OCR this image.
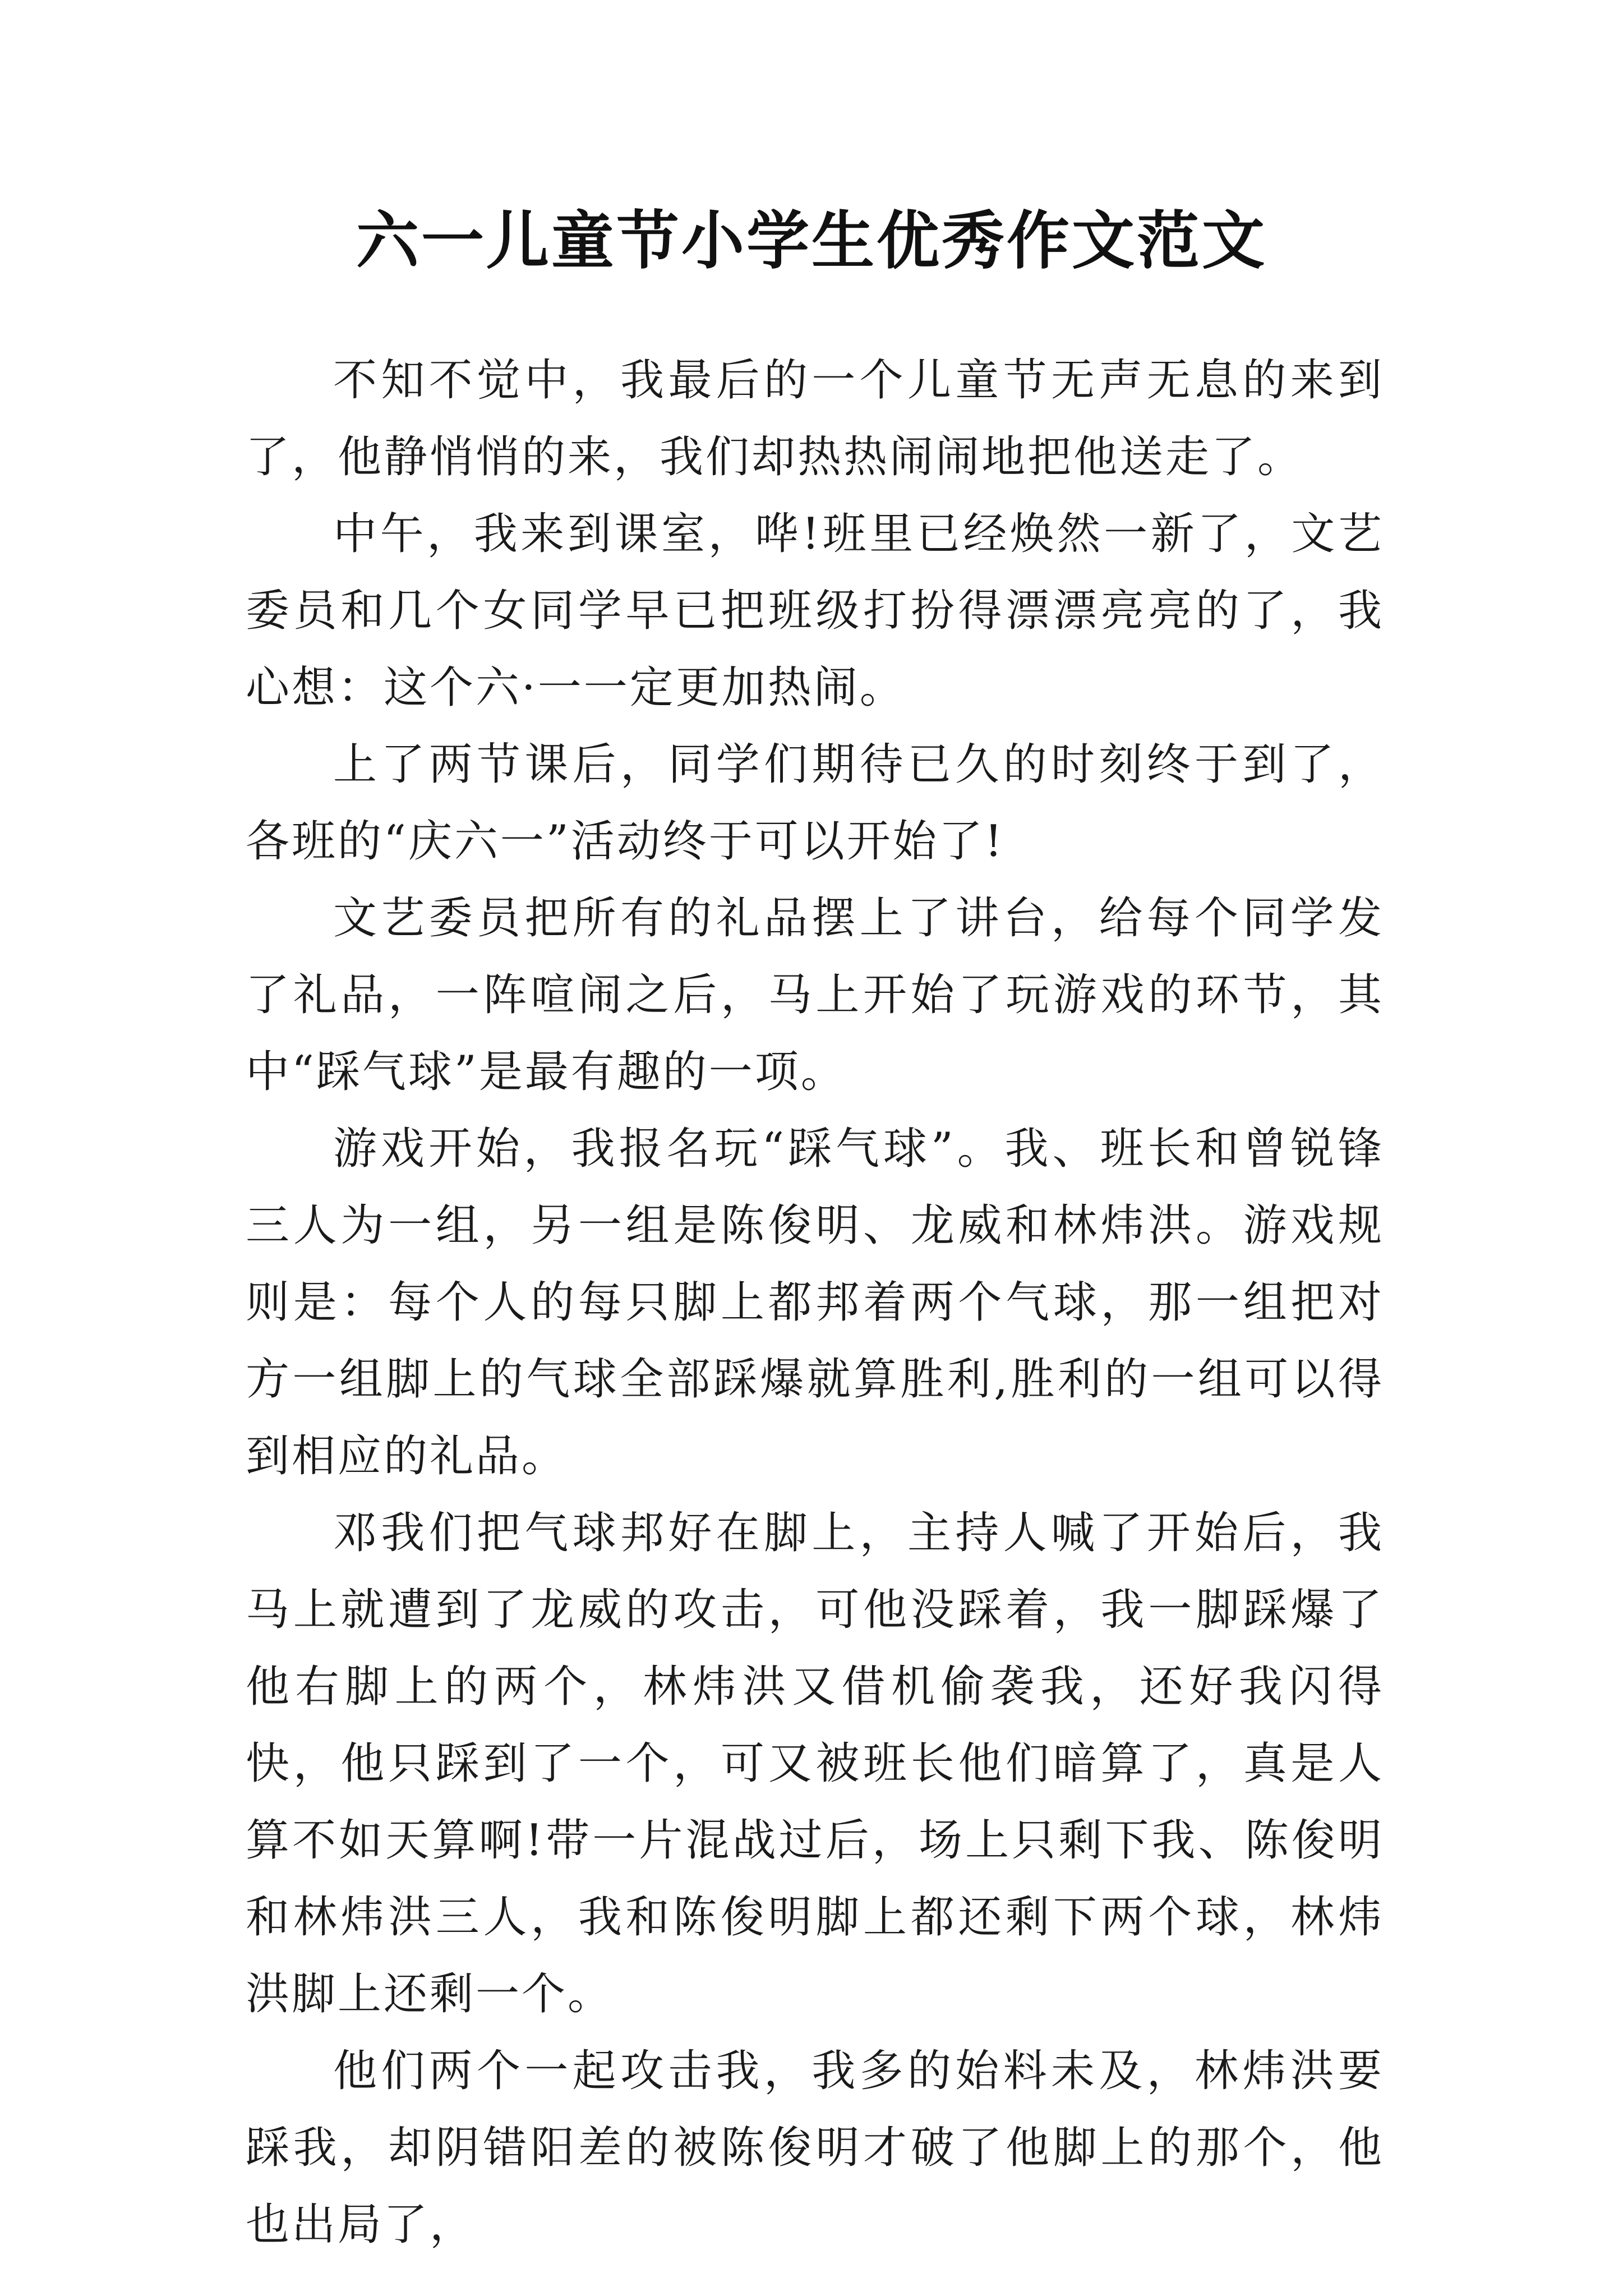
六一儿童节小学生优秀作文范文

不知不觉中，我最后的一个儿童节无声无息的来到了，他静悄悄的来，我们却热热闹闹地把他送走了。

中午，我来到课室，哗!班里已经焕然一新了，文艺委员和几个女同学早已把班级打扮得漂漂亮亮的了，我心想：这个六·一一定更加热闹。

上了两节课后，同学们期待已久的时刻终于到了，各班的“庆六一”活动终于可以开始了!

文艺委员把所有的礼品摆上了讲台，给每个同学发了礼品，一阵喧闹之后，马上开始了玩游戏的环节，其中“踩气球”是最有趣的一项。

游戏开始，我报名玩“踩气球”。我、班长和曾锐锋三人为一组，另一组是陈俊明、龙威和林炜洪。游戏规则是：每个人的每只脚上都邦着两个气球，那一组把对方一组脚上的气球全部踩爆就算胜利,胜利的一组可以得到相应的礼品。

邓我们把气球邦好在脚上，主持人喊了开始后，我马上就遭到了龙威的攻击，可他没踩着，我一脚踩爆了他右脚上的两个，林炜洪又借机偷袭我，还好我闪得快，他只踩到了一个，可又被班长他们暗算了，真是人算不如天算啊!带一片混战过后，场上只剩下我、陈俊明和林炜洪三人，我和陈俊明脚上都还剩下两个球，林炜洪脚上还剩一个。

他们两个一起攻击我，我多的始料未及，林炜洪要踩我，却阴错阳差的被陈俊明才破了他脚上的那个，他也出局了，
